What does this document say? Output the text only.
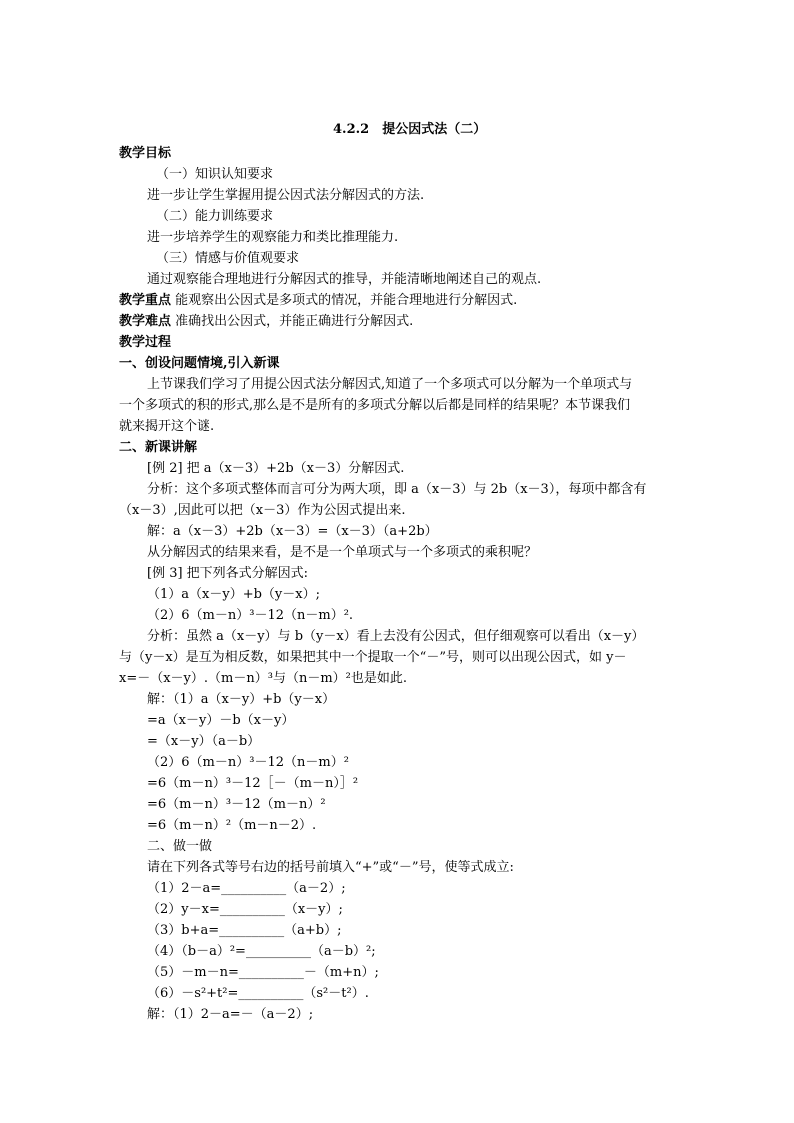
4.2.2　提公因式法（二）
教学目标
（一）知识认知要求
进一步让学生掌握用提公因式法分解因式的方法.
（二）能力训练要求
进一步培养学生的观察能力和类比推理能力.
（三）情感与价值观要求
通过观察能合理地进行分解因式的推导，并能清晰地阐述自己的观点.
教学重点 能观察出公因式是多项式的情况，并能合理地进行分解因式.
教学难点 准确找出公因式，并能正确进行分解因式.
教学过程
一、创设问题情境,引入新课
上节课我们学习了用提公因式法分解因式,知道了一个多项式可以分解为一个单项式与
一个多项式的积的形式,那么是不是所有的多项式分解以后都是同样的结果呢？本节课我们
就来揭开这个谜.
二、新课讲解
[例 2] 把 a（x－3）+2b（x－3）分解因式.
分析：这个多项式整体而言可分为两大项，即 a（x－3）与 2b（x－3），每项中都含有
（x－3）,因此可以把（x－3）作为公因式提出来.
解：a（x－3）+2b（x－3）=（x－3）（a+2b）
从分解因式的结果来看，是不是一个单项式与一个多项式的乘积呢？
[例 3] 把下列各式分解因式:
（1）a（x－y）+b（y－x）;
（2）6（m－n）³－12（n－m）².
分析：虽然 a（x－y）与 b（y－x）看上去没有公因式，但仔细观察可以看出（x－y）
与（y－x）是互为相反数，如果把其中一个提取一个“－”号，则可以出现公因式，如 y－
x=－（x－y）.（m－n）³与（n－m）²也是如此.
解：（1）a（x－y）+b（y－x）
=a（x－y）－b（x－y）
=（x－y）（a－b）
（2）6（m－n）³－12（n－m）²
=6（m－n）³－12［－（m－n）］²
=6（m－n）³－12（m－n）²
=6（m－n）²（m－n－2）.
二、做一做
请在下列各式等号右边的括号前填入“+”或“－”号，使等式成立:
（1）2－a=__________（a－2）;
（2）y－x=__________（x－y）;
（3）b+a=__________（a+b）;
（4）（b－a）²=__________（a－b）²;
（5）－m－n=__________－（m+n）;
（6）－s²+t²=__________（s²－t²）.
解：（1）2－a=－（a－2）;
